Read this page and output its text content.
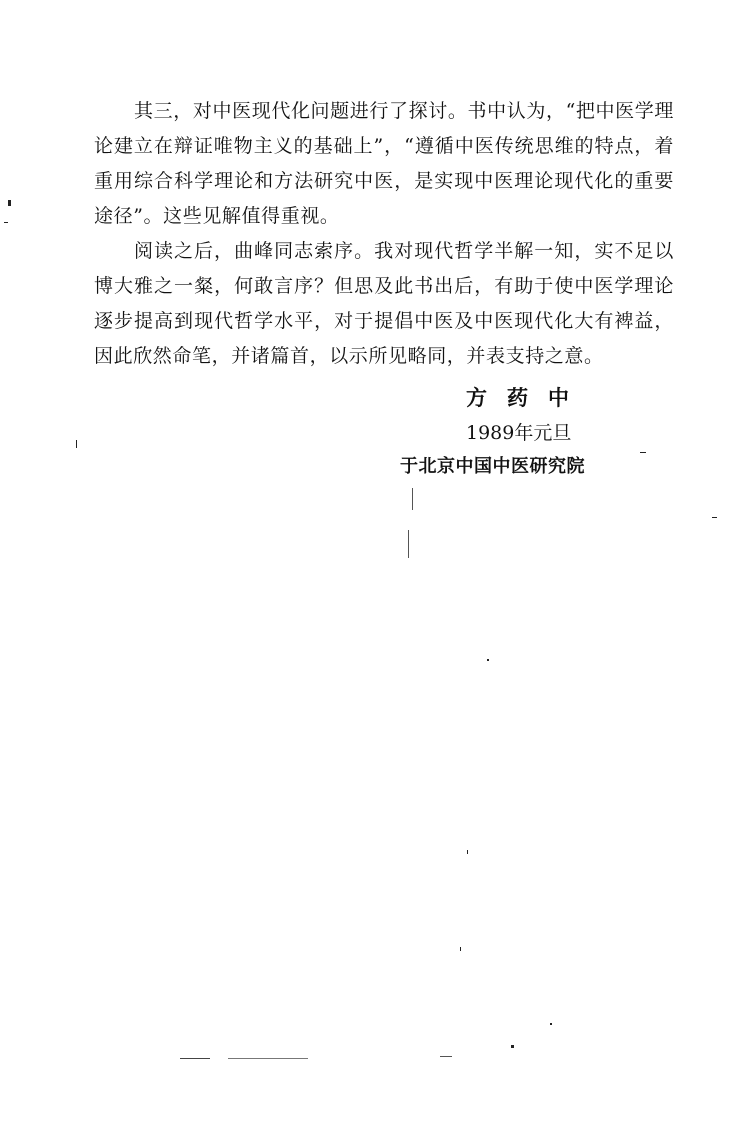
其三，对中医现代化问题进行了探讨。书中认为，“把中医学理论建立在辩证唯物主义的基础上”，“遵循中医传统思维的特点，着重用综合科学理论和方法研究中医，是实现中医理论现代化的重要途径”。这些见解值得重视。

阅读之后，曲峰同志索序。我对现代哲学半解一知，实不足以博大雅之一粲，何敢言序？但思及此书出后，有助于使中医学理论逐步提高到现代哲学水平，对于提倡中医及中医现代化大有裨益，因此欣然命笔，并诸篇首，以示所见略同，并表支持之意。

方药中
1989年元旦
于北京中国中医研究院
